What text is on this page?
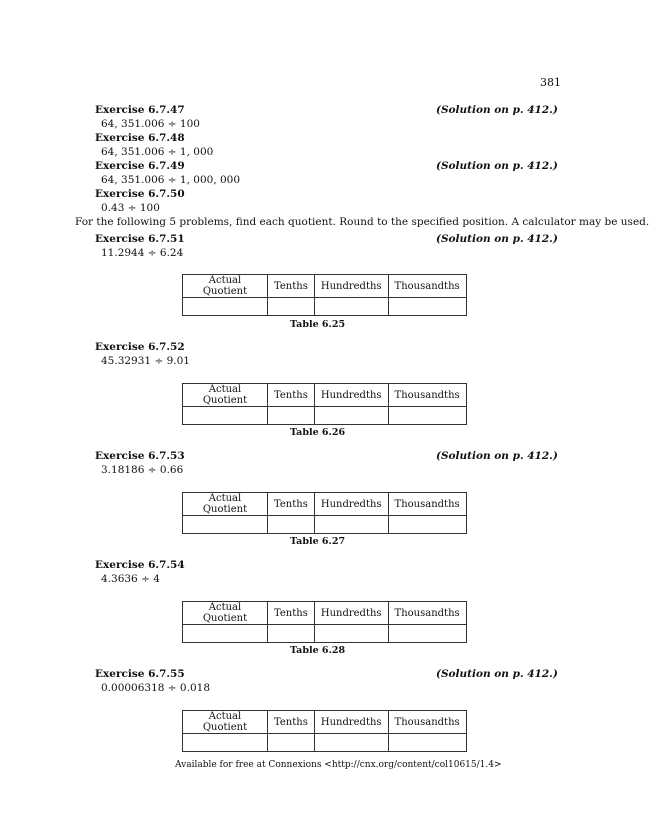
381
Exercise 6.7.47	(Solution on p. 412.)
64, 351.006 ÷ 100
Exercise 6.7.48
64, 351.006 ÷ 1, 000
Exercise 6.7.49	(Solution on p. 412.)
64, 351.006 ÷ 1, 000, 000
Exercise 6.7.50
0.43 ÷ 100
For the following 5 problems, find each quotient. Round to the specified position. A calculator may be used.
Exercise 6.7.51	(Solution on p. 412.)
11.2944 ÷ 6.24
Actual Quotient	Tenths	Hundredths	Thousandths

Table 6.25
Exercise 6.7.52
45.32931 ÷ 9.01
Actual Quotient	Tenths	Hundredths	Thousandths

Table 6.26
Exercise 6.7.53	(Solution on p. 412.)
3.18186 ÷ 0.66
Actual Quotient	Tenths	Hundredths	Thousandths

Table 6.27
Exercise 6.7.54
4.3636 ÷ 4
Actual Quotient	Tenths	Hundredths	Thousandths

Table 6.28
Exercise 6.7.55	(Solution on p. 412.)
0.00006318 ÷ 0.018
Actual Quotient	Tenths	Hundredths	Thousandths

Available for free at Connexions <http://cnx.org/content/col10615/1.4>
